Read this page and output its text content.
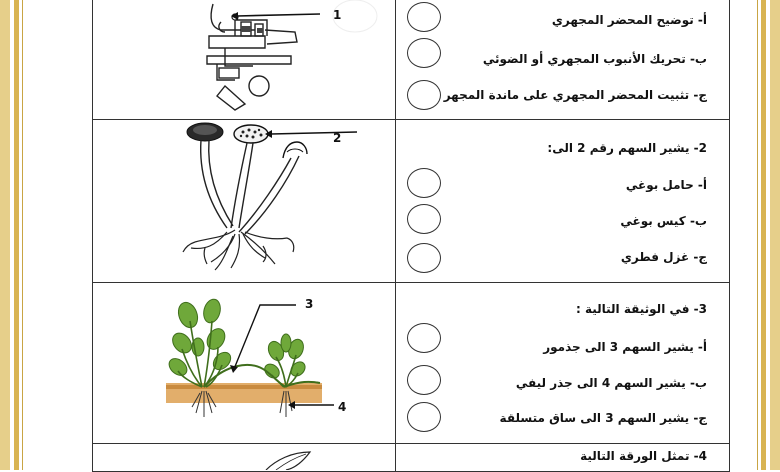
1	أ- توضيح المحضر المجهري
ب- تحريك الأنبوب المجهري أو الضوئي
ج- تثبيت المحضر المجهري على ماندة المجهر
2
2- يشير السهم رقم 2 الى:
أ- حامل بوغي
ب- كيس بوغي
ج- غزل فطري
3
4
3- في الوثيقة التالية :
أ- يشير السهم 3 الى جذمور
ب- يشير السهم 4 الى جذر ليفي
ج- يشير السهم 3 الى ساق متسلقة
4- تمثل الورقة التالية
